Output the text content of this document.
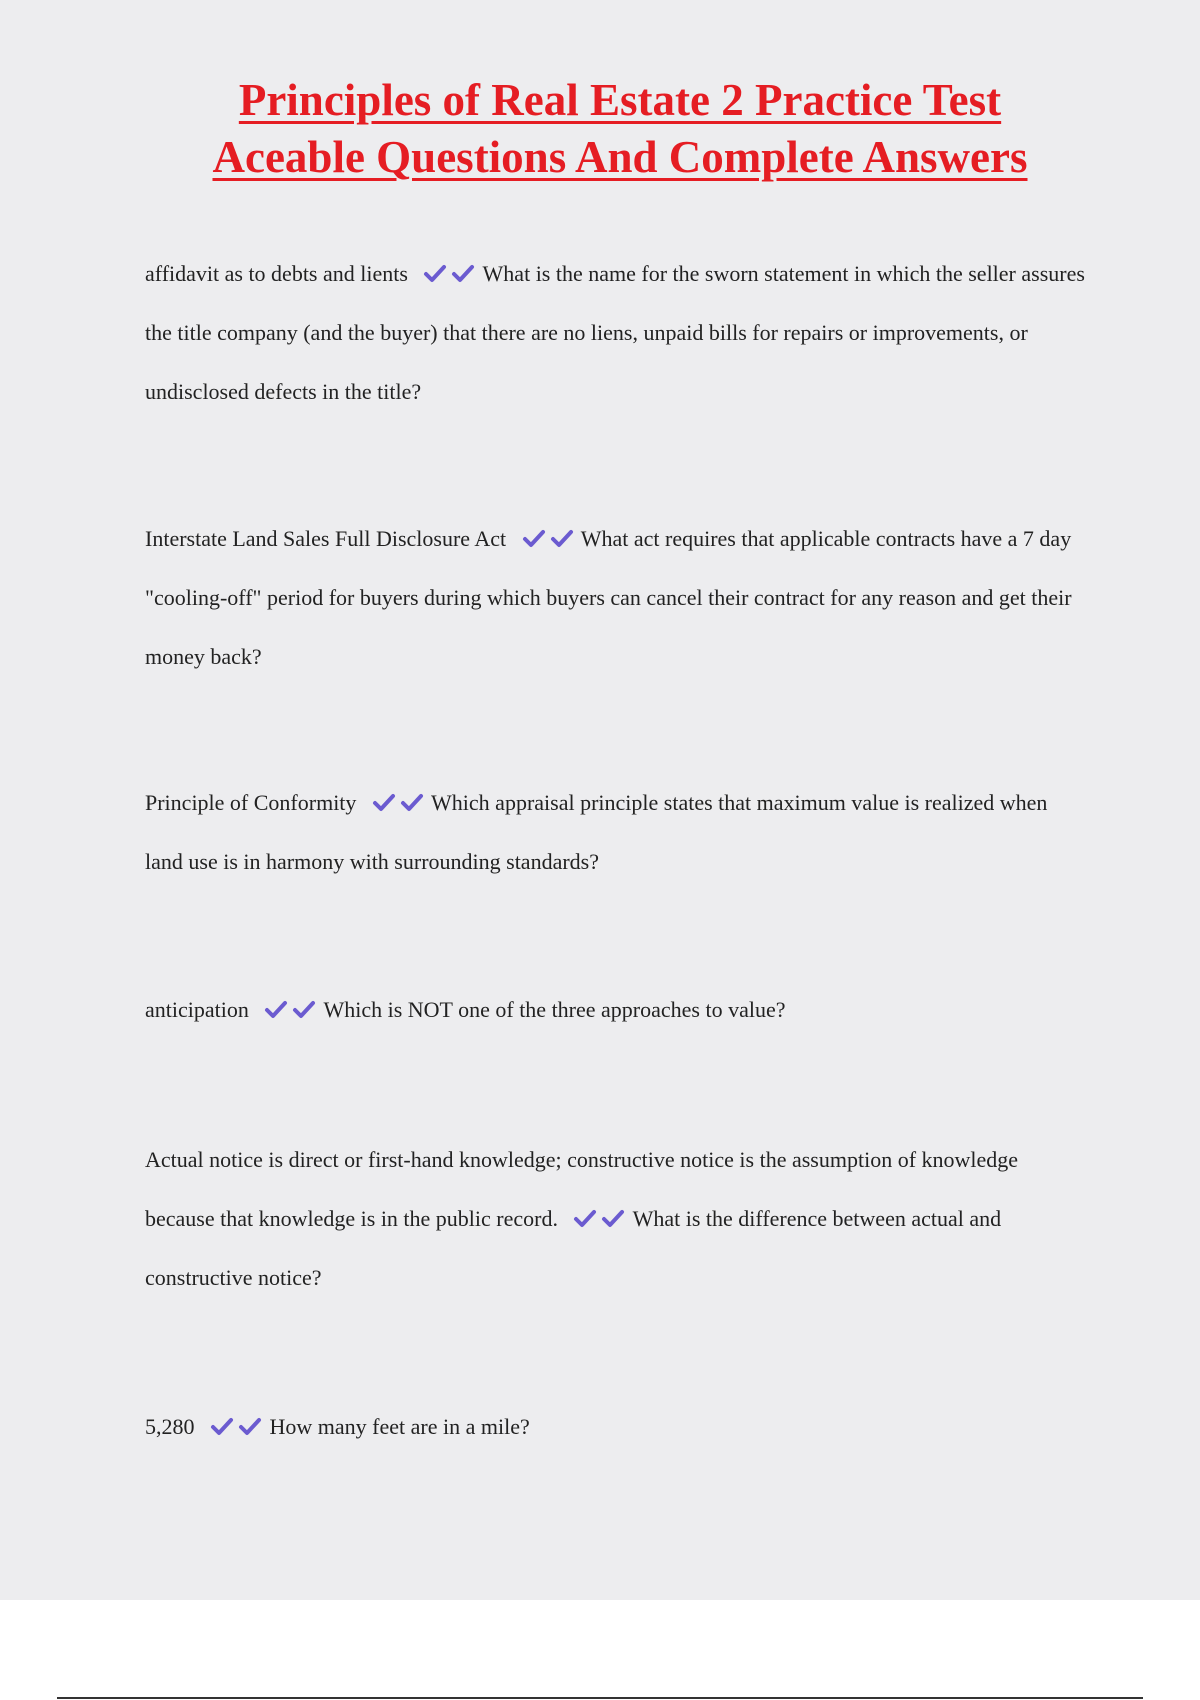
Principles of Real Estate 2 Practice Test
Aceable Questions And Complete Answers

affidavit as to debts and lients	What is the name for the sworn statement in which the seller assures the title company (and the buyer) that there are no liens, unpaid bills for repairs or improvements, or undisclosed defects in the title?

Interstate Land Sales Full Disclosure Act	What act requires that applicable contracts have a 7 day "cooling-off" period for buyers during which buyers can cancel their contract for any reason and get their money back?

Principle of Conformity	Which appraisal principle states that maximum value is realized when land use is in harmony with surrounding standards?

anticipation	Which is NOT one of the three approaches to value?

Actual notice is direct or first-hand knowledge; constructive notice is the assumption of knowledge because that knowledge is in the public record.	What is the difference between actual and constructive notice?

5,280	How many feet are in a mile?
